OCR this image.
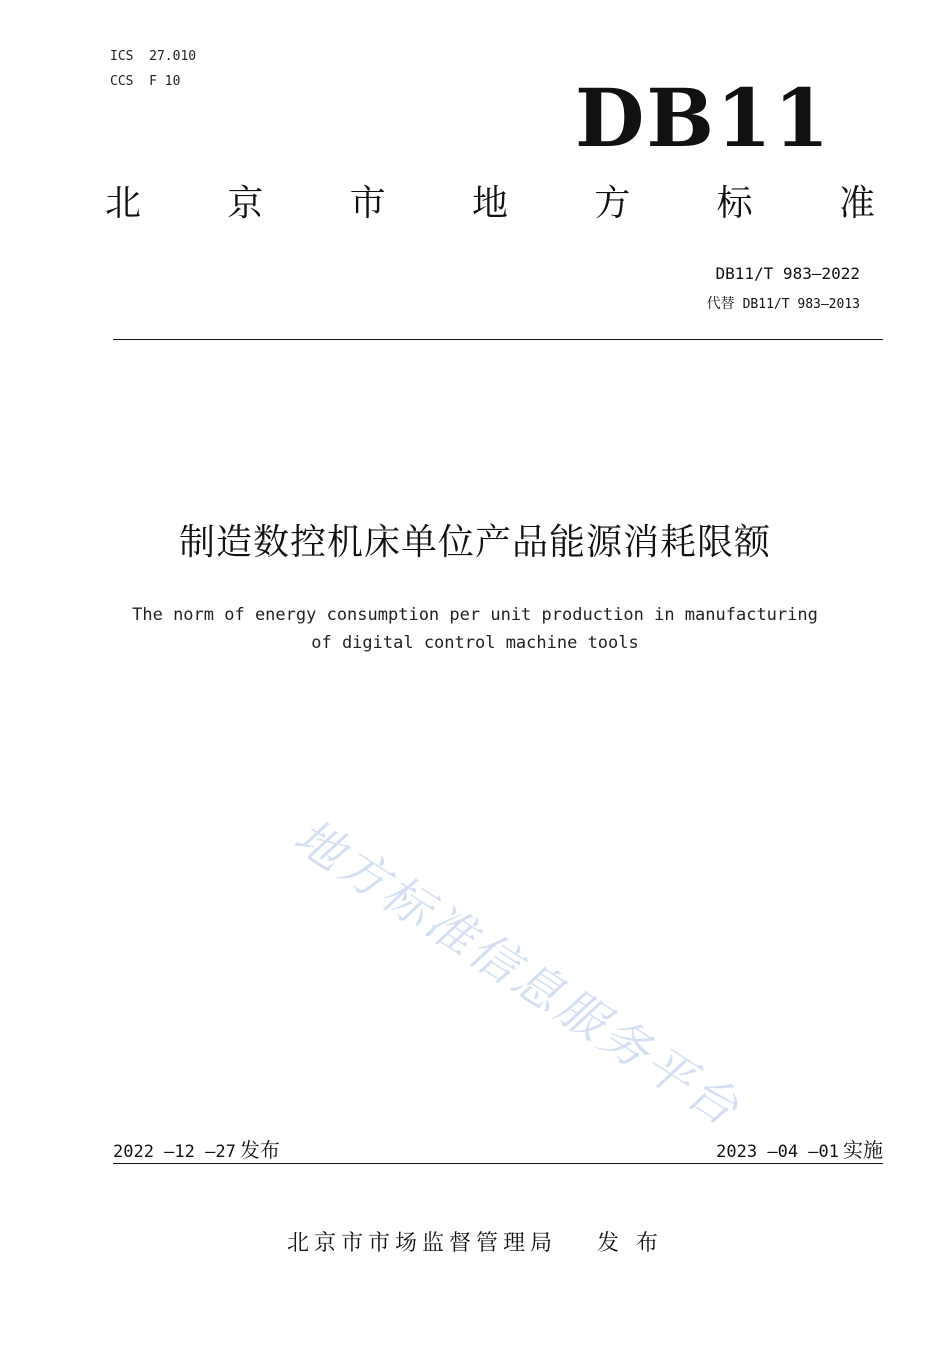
ICS  27.010
CCS  F 10	DB11
北 京 市 地 方 标 准
DB11/T 983—2022
代替 DB11/T 983—2013
制造数控机床单位产品能源消耗限额
The norm of energy consumption per unit production in manufacturing
of digital control machine tools
地方标准信息服务平台
2022 —12 —27 发布	2023 —04 —01 实施
北京市市场监督管理局 发 布
